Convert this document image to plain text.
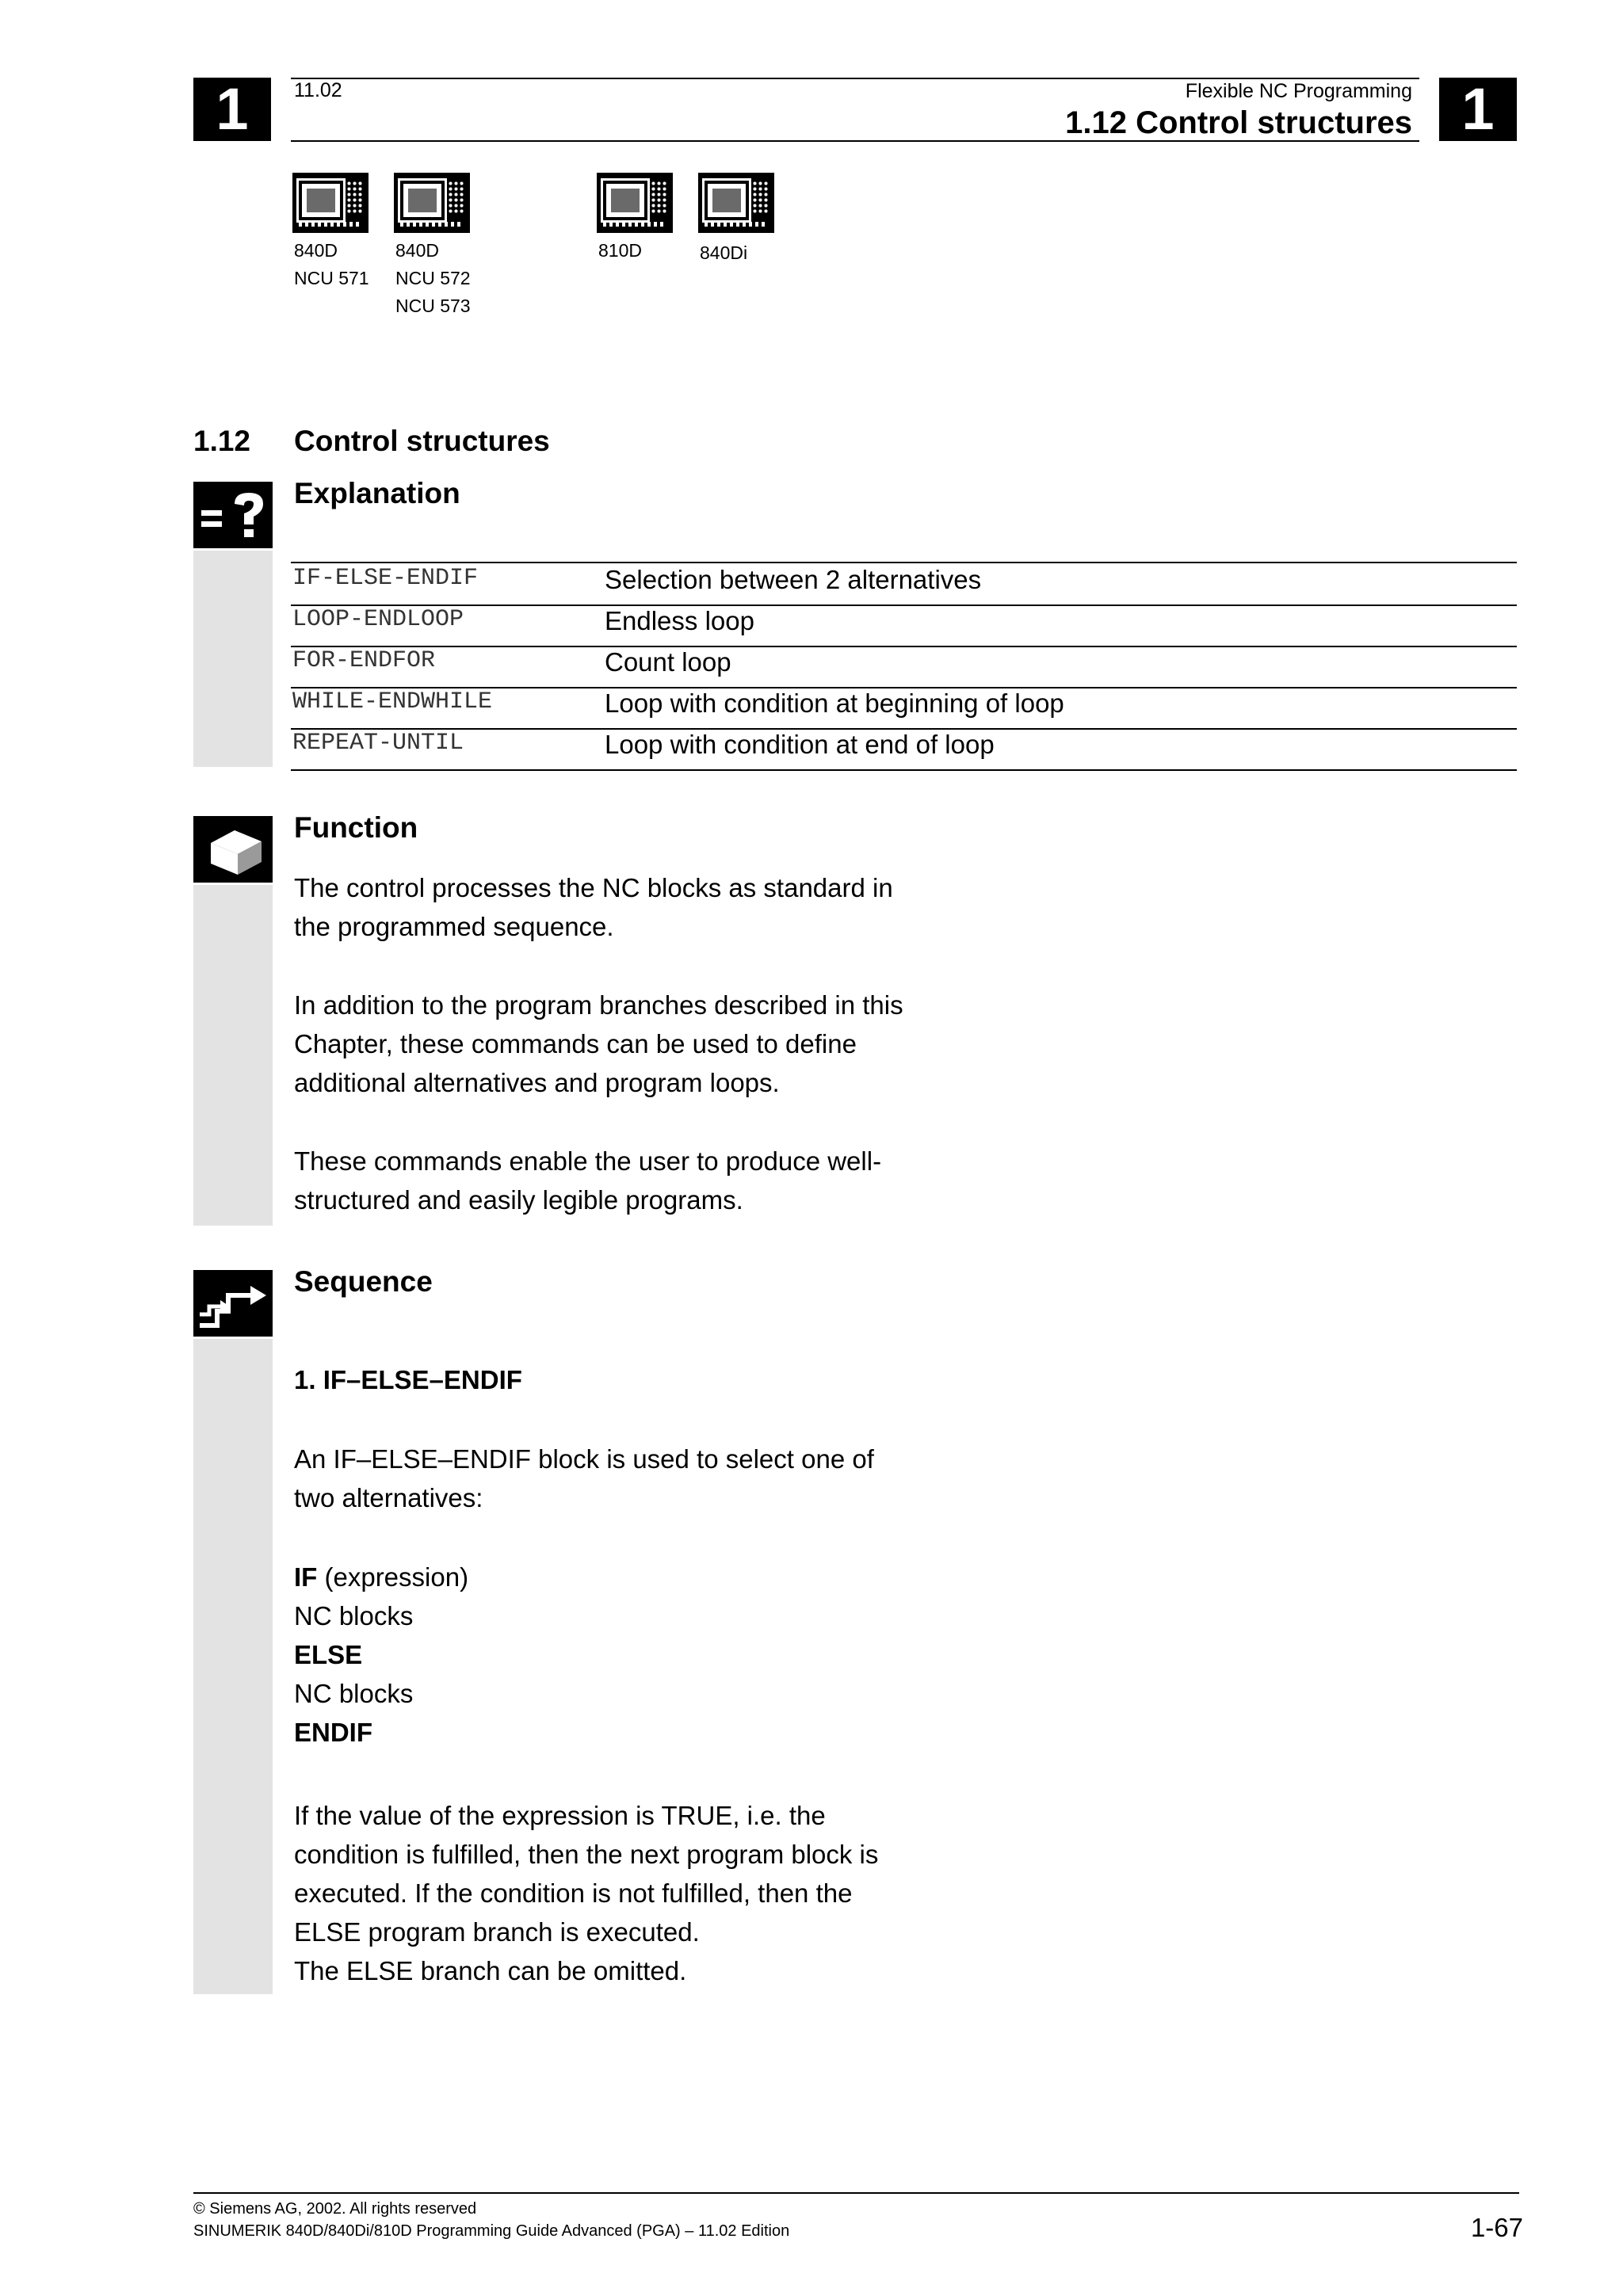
1	1
11.02	Flexible NC Programming
1.12 Control structures
840D
NCU 571
840D
NCU 572
NCU 573
810D	840Di
1.12 Control structures
Explanation
IF-ELSE-ENDIF	Selection between 2 alternatives
LOOP-ENDLOOP	Endless loop
FOR-ENDFOR	Count loop
WHILE-ENDWHILE	Loop with condition at beginning of loop
REPEAT-UNTIL	Loop with condition at end of loop
Function
The control processes the NC blocks as standard in
the programmed sequence.
In addition to the program branches described in this
Chapter, these commands can be used to define
additional alternatives and program loops.
These commands enable the user to produce well-
structured and easily legible programs.
Sequence
1. IF–ELSE–ENDIF
An IF–ELSE–ENDIF block is used to select one of
two alternatives:
IF (expression)
NC blocks
ELSE
NC blocks
ENDIF
If the value of the expression is TRUE, i.e. the
condition is fulfilled, then the next program block is
executed. If the condition is not fulfilled, then the
ELSE program branch is executed.
The ELSE branch can be omitted.
© Siemens AG, 2002. All rights reserved
SINUMERIK 840D/840Di/810D Programming Guide Advanced (PGA) – 11.02 Edition	1-67
